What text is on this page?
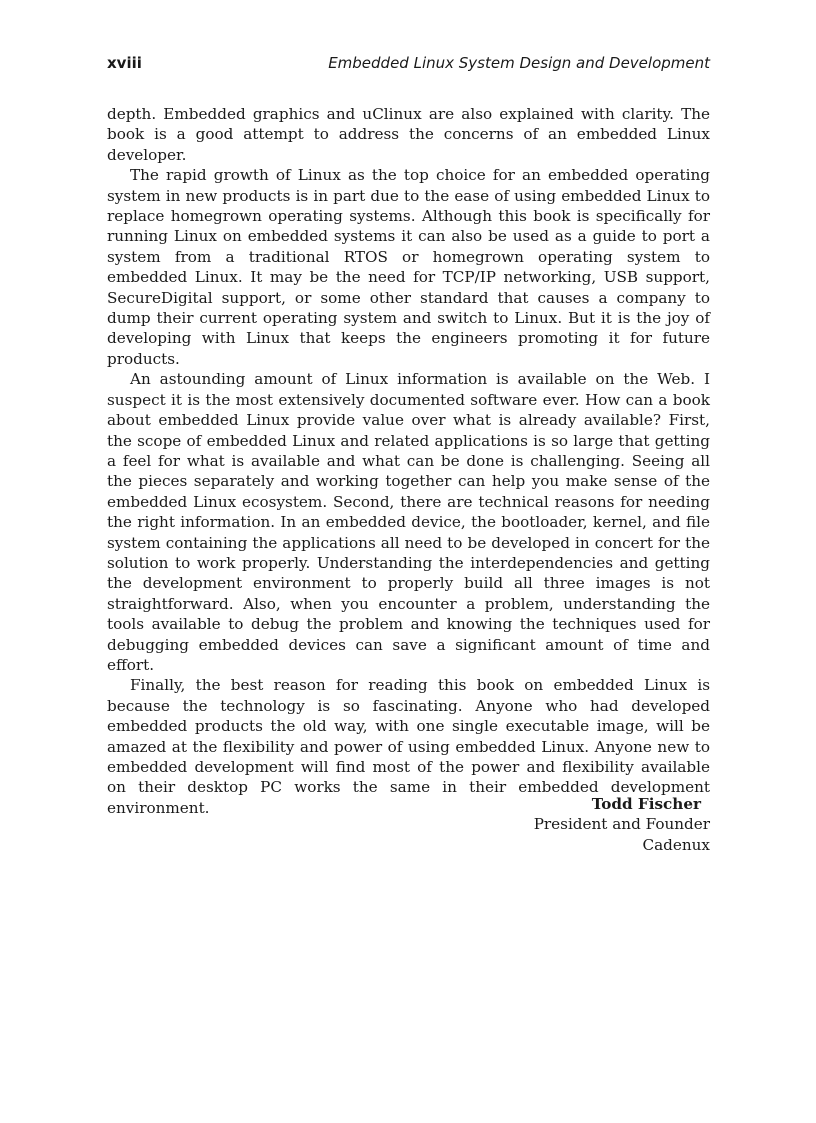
xviii	Embedded Linux System Design and Development

depth. Embedded graphics and uClinux are also explained with clarity. The book is a good attempt to address the concerns of an embedded Linux developer.

The rapid growth of Linux as the top choice for an embedded operating system in new products is in part due to the ease of using embedded Linux to replace homegrown operating systems. Although this book is specifically for running Linux on embedded systems it can also be used as a guide to port a system from a traditional RTOS or homegrown operating system to embedded Linux. It may be the need for TCP/IP networking, USB support, SecureDigital support, or some other standard that causes a company to dump their current operating system and switch to Linux. But it is the joy of developing with Linux that keeps the engineers promoting it for future products.

An astounding amount of Linux information is available on the Web. I suspect it is the most extensively documented software ever. How can a book about embedded Linux provide value over what is already available? First, the scope of embedded Linux and related applications is so large that getting a feel for what is available and what can be done is challenging. Seeing all the pieces separately and working together can help you make sense of the embedded Linux ecosystem. Second, there are technical reasons for needing the right information. In an embedded device, the bootloader, kernel, and file system containing the applications all need to be developed in concert for the solution to work properly. Understanding the interdependencies and getting the development environment to properly build all three images is not straightforward. Also, when you encounter a problem, understanding the tools available to debug the problem and knowing the techniques used for debugging embedded devices can save a significant amount of time and effort.

Finally, the best reason for reading this book on embedded Linux is because the technology is so fascinating. Anyone who had developed embedded products the old way, with one single executable image, will be amazed at the flexibility and power of using embedded Linux. Anyone new to embedded development will find most of the power and flexibility available on their desktop PC works the same in their embedded development environment.	Todd Fischer
President and Founder
Cadenux
